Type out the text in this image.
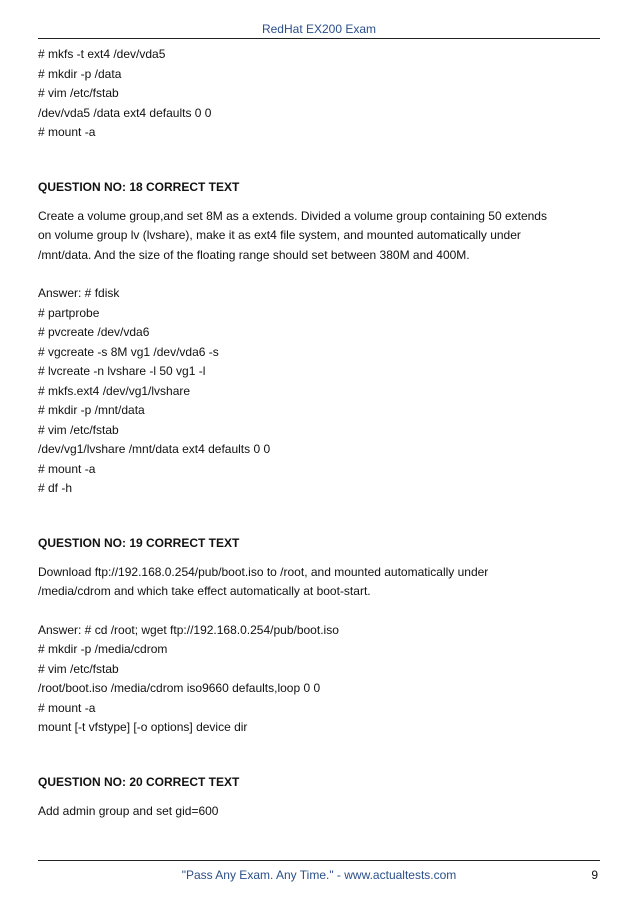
RedHat EX200 Exam

# mkfs -t ext4 /dev/vda5

# mkdir -p /data

# vim /etc/fstab

/dev/vda5 /data ext4 defaults 0 0

# mount -a

QUESTION NO: 18 CORRECT TEXT

Create a volume group,and set 8M as a extends. Divided a volume group containing 50 extends

on volume group lv (lvshare), make it as ext4 file system, and mounted automatically under

/mnt/data. And the size of the floating range should set between 380M and 400M.

Answer: # fdisk

# partprobe

# pvcreate /dev/vda6

# vgcreate -s 8M vg1 /dev/vda6 -s

# lvcreate -n lvshare -l 50 vg1 -l

# mkfs.ext4 /dev/vg1/lvshare

# mkdir -p /mnt/data

# vim /etc/fstab

/dev/vg1/lvshare /mnt/data ext4 defaults 0 0

# mount -a

# df -h

QUESTION NO: 19 CORRECT TEXT

Download ftp://192.168.0.254/pub/boot.iso to /root, and mounted automatically under

/media/cdrom and which take effect automatically at boot-start.

Answer: # cd /root; wget ftp://192.168.0.254/pub/boot.iso

# mkdir -p /media/cdrom

# vim /etc/fstab

/root/boot.iso /media/cdrom iso9660 defaults,loop 0 0

# mount -a

mount [-t vfstype] [-o options] device dir

QUESTION NO: 20 CORRECT TEXT

Add admin group and set gid=600

"Pass Any Exam. Any Time." - www.actualtests.com	9
